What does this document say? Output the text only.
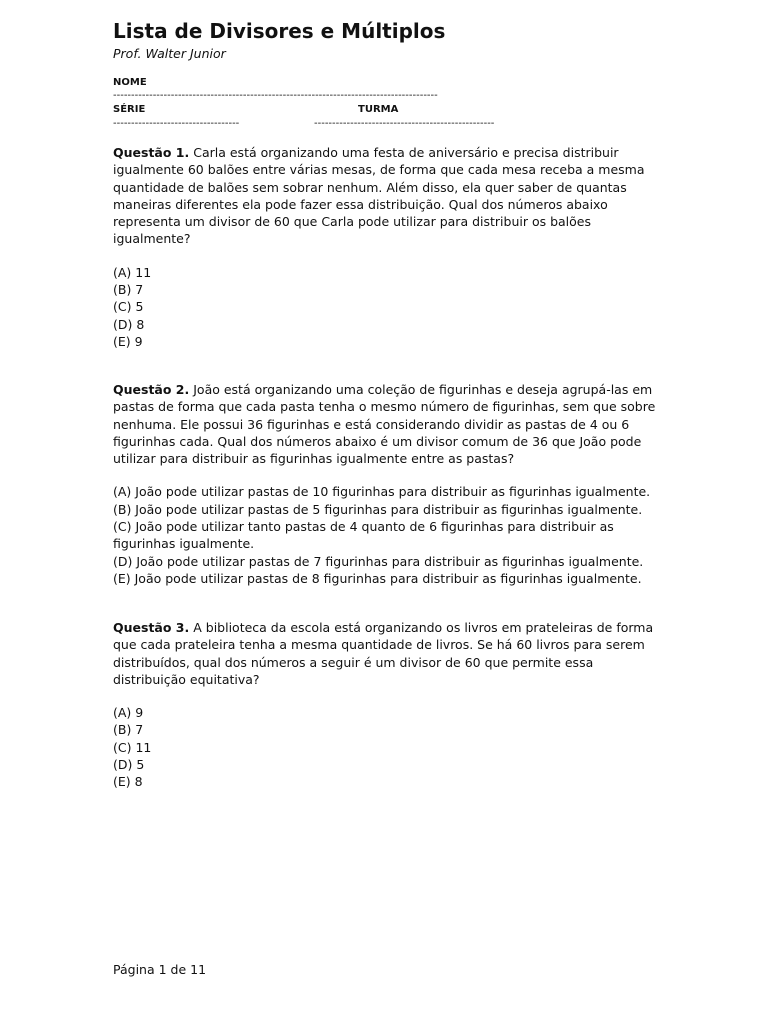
Lista de Divisores e Múltiplos
Prof. Walter Junior
NOME
------------------------------------------------------------------------------------------
SÉRIE	TURMA
-----------------------------------	--------------------------------------------------
Questão 1. Carla está organizando uma festa de aniversário e precisa distribuir igualmente 60 balões entre várias mesas, de forma que cada mesa receba a mesma quantidade de balões sem sobrar nenhum. Além disso, ela quer saber de quantas maneiras diferentes ela pode fazer essa distribuição. Qual dos números abaixo representa um divisor de 60 que Carla pode utilizar para distribuir os balões igualmente?
(A) 11
(B) 7
(C) 5
(D) 8
(E) 9
Questão 2. João está organizando uma coleção de figurinhas e deseja agrupá-las em pastas de forma que cada pasta tenha o mesmo número de figurinhas, sem que sobre nenhuma. Ele possui 36 figurinhas e está considerando dividir as pastas de 4 ou 6 figurinhas cada. Qual dos números abaixo é um divisor comum de 36 que João pode utilizar para distribuir as figurinhas igualmente entre as pastas?
(A) João pode utilizar pastas de 10 figurinhas para distribuir as figurinhas igualmente.
(B) João pode utilizar pastas de 5 figurinhas para distribuir as figurinhas igualmente.
(C) João pode utilizar tanto pastas de 4 quanto de 6 figurinhas para distribuir as figurinhas igualmente.
(D) João pode utilizar pastas de 7 figurinhas para distribuir as figurinhas igualmente.
(E) João pode utilizar pastas de 8 figurinhas para distribuir as figurinhas igualmente.
Questão 3. A biblioteca da escola está organizando os livros em prateleiras de forma que cada prateleira tenha a mesma quantidade de livros. Se há 60 livros para serem distribuídos, qual dos números a seguir é um divisor de 60 que permite essa distribuição equitativa?
(A) 9
(B) 7
(C) 11
(D) 5
(E) 8
Página 1 de 11
